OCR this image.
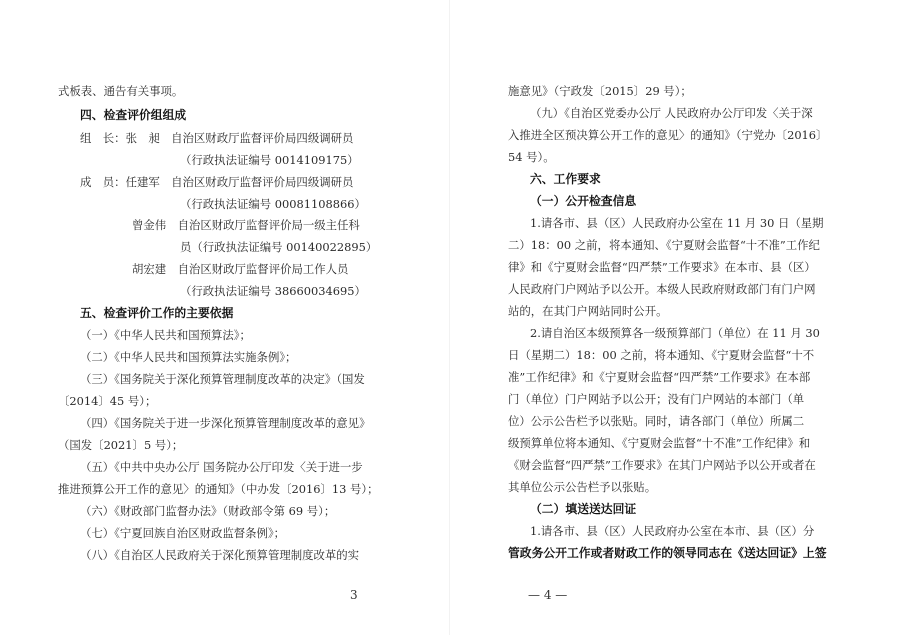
式板表、通告有关事项。
四、检查评价组组成
组　长：张　昶　自治区财政厅监督评价局四级调研员
（行政执法证编号 0014109175）
成　员：任建军　自治区财政厅监督评价局四级调研员
（行政执法证编号 00081108866）
曾金伟　自治区财政厅监督评价局一级主任科
员（行政执法证编号 00140022895）
胡宏建　自治区财政厅监督评价局工作人员
（行政执法证编号 38660034695）
五、检查评价工作的主要依据
（一）《中华人民共和国预算法》；
（二）《中华人民共和国预算法实施条例》；
（三）《国务院关于深化预算管理制度改革的决定》（国发
〔2014〕45 号）；
（四）《国务院关于进一步深化预算管理制度改革的意见》
（国发〔2021〕5 号）；
（五）《中共中央办公厅 国务院办公厅印发〈关于进一步
推进预算公开工作的意见〉的通知》（中办发〔2016〕13 号）；
（六）《财政部门监督办法》（财政部令第 69 号）；
（七）《宁夏回族自治区财政监督条例》；
（八）《自治区人民政府关于深化预算管理制度改革的实
3
施意见》（宁政发〔2015〕29 号）；
（九）《自治区党委办公厅 人民政府办公厅印发〈关于深
入推进全区预决算公开工作的意见〉的通知》（宁党办〔2016〕
54 号）。
六、工作要求
（一）公开检查信息
1.请各市、县（区）人民政府办公室在 11 月 30 日（星期
二）18：00 之前，将本通知、《宁夏财会监督“十不准”工作纪
律》和《宁夏财会监督“四严禁”工作要求》在本市、县（区）
人民政府门户网站予以公开。本级人民政府财政部门有门户网
站的，在其门户网站同时公开。
2.请自治区本级预算各一级预算部门（单位）在 11 月 30
日（星期二）18：00 之前，将本通知、《宁夏财会监督“十不
准”工作纪律》和《宁夏财会监督“四严禁”工作要求》在本部
门（单位）门户网站予以公开；没有门户网站的本部门（单
位）公示公告栏予以张贴。同时，请各部门（单位）所属二
级预算单位将本通知、《宁夏财会监督“十不准”工作纪律》和
《财会监督“四严禁”工作要求》在其门户网站予以公开或者在
其单位公示公告栏予以张贴。
（二）填送送达回证
1.请各市、县（区）人民政府办公室在本市、县（区）分
管政务公开工作或者财政工作的领导同志在《送达回证》上签
— 4 —
